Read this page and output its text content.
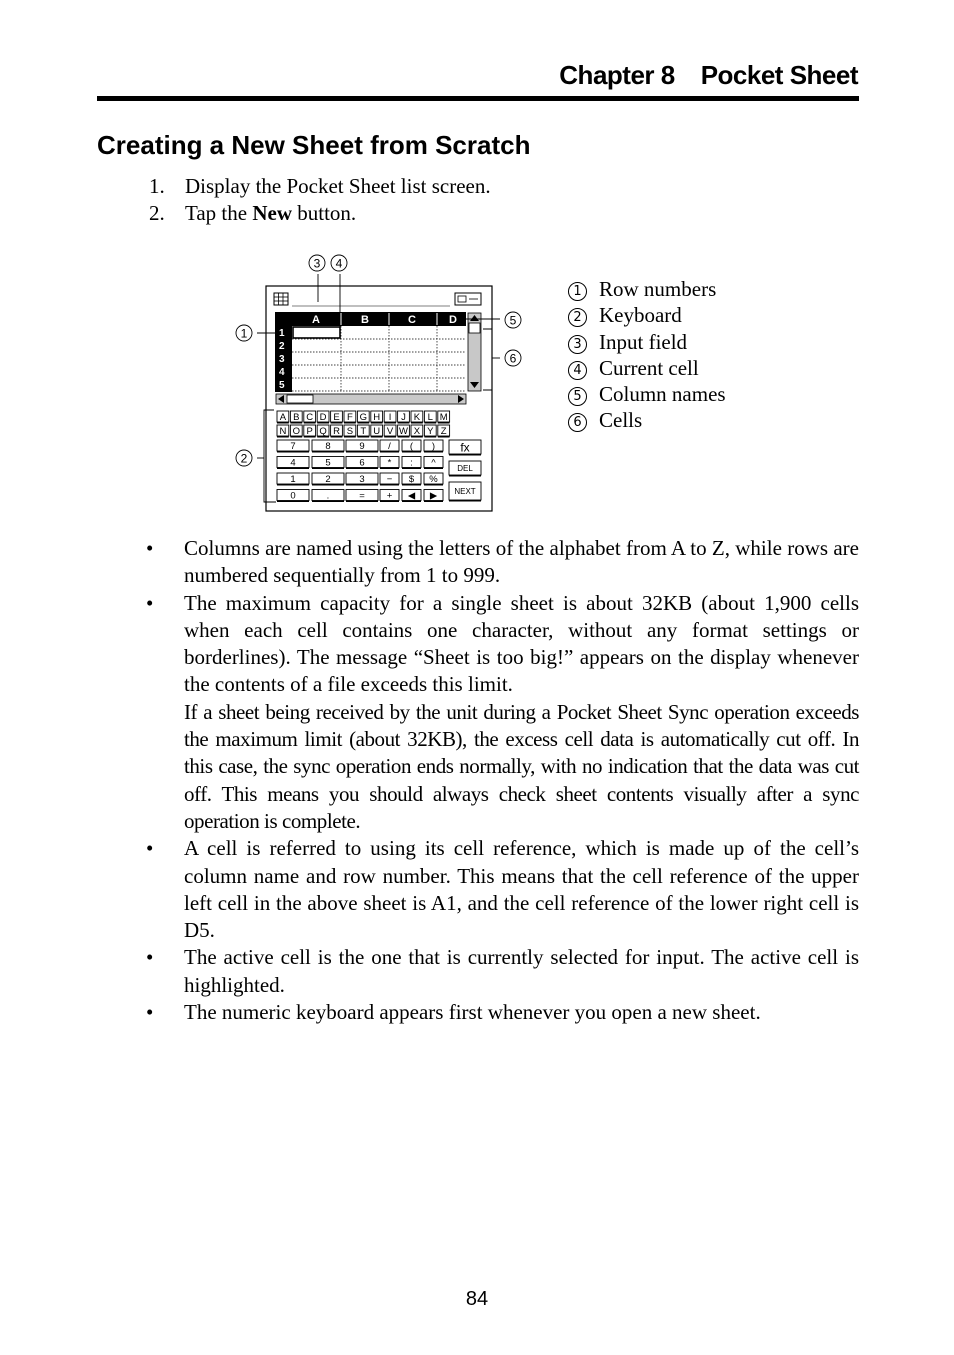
Chapter 8 Pocket Sheet
Creating a New Sheet from Scratch
1. Display the Pocket Sheet list screen.
2. Tap the New button.
A	B	C	D
1
2
3
4
5
A B C D E F G H I J K L M
N O P Q R S T U V W X Y Z
7	8	9 / ( )
4	5	6 * : ^
1	2	3 − $ %
0	.	= + ◀ ▶
fx
DEL
NEXT
3 4
1
2
5
6
1 Row numbers
2 Keyboard
3 Input field
4 Current cell
5 Column names
6 Cells
• Columns are named using the letters of the alphabet from A to Z, while rows are numbered sequentially from 1 to 999.

• The maximum capacity for a single sheet is about 32KB (about 1,900 cells when each cell contains one character, without any format settings or borderlines). The message “Sheet is too big!” appears on the display whenever the contents of a file exceeds this limit.

If a sheet being received by the unit during a Pocket Sheet Sync operation exceeds the maximum limit (about 32KB), the excess cell data is automatically cut off. In this case, the sync operation ends normally, with no indication that the data was cut off. This means you should always check sheet contents visually after a sync operation is complete.

• A cell is referred to using its cell reference, which is made up of the cell’s column name and row number. This means that the cell reference of the upper left cell in the above sheet is A1, and the cell reference of the lower right cell is D5.

• The active cell is the one that is currently selected for input. The active cell is highlighted.

• The numeric keyboard appears first whenever you open a new sheet.

84
